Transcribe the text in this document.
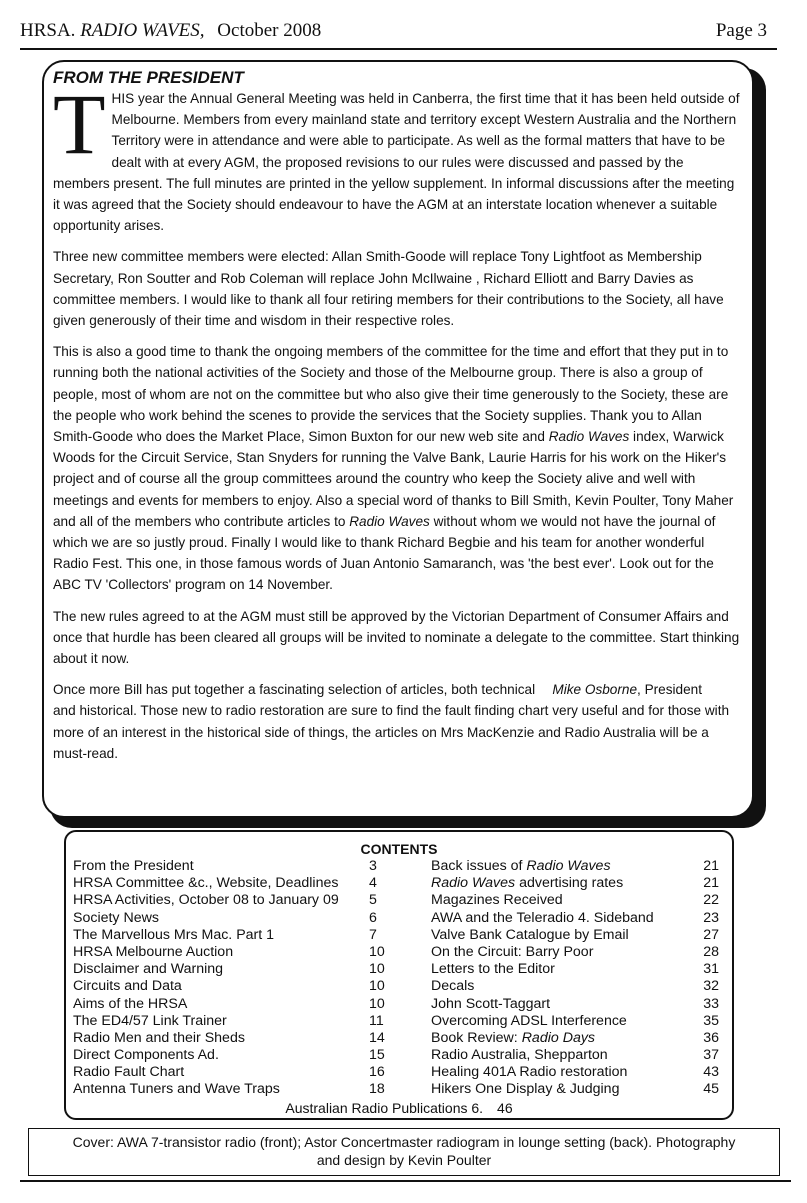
HRSA. RADIO WAVES, October 2008	Page 3
FROM THE PRESIDENT

T HIS year the Annual General Meeting was held in Canberra, the first time that it has been held outside of Melbourne. Members from every mainland state and territory except Western Australia and the Northern Territory were in attendance and were able to participate. As well as the formal matters that have to be dealt with at every AGM, the proposed revisions to our rules were discussed and passed by the members present. The full minutes are printed in the yellow supplement. In informal discussions after the meeting it was agreed that the Society should endeavour to have the AGM at an interstate location whenever a suitable opportunity arises.

Three new committee members were elected: Allan Smith-Goode will replace Tony Lightfoot as Membership Secretary, Ron Soutter and Rob Coleman will replace John McIlwaine , Richard Elliott and Barry Davies as committee members. I would like to thank all four retiring members for their contributions to the Society, all have given generously of their time and wisdom in their respective roles.

This is also a good time to thank the ongoing members of the committee for the time and effort that they put in to running both the national activities of the Society and those of the Melbourne group. There is also a group of people, most of whom are not on the committee but who also give their time generously to the Society, these are the people who work behind the scenes to provide the services that the Society supplies. Thank you to Allan Smith-Goode who does the Market Place, Simon Buxton for our new web site and Radio Waves index, Warwick Woods for the Circuit Service, Stan Snyders for running the Valve Bank, Laurie Harris for his work on the Hiker's project and of course all the group committees around the country who keep the Society alive and well with meetings and events for members to enjoy. Also a special word of thanks to Bill Smith, Kevin Poulter, Tony Maher and all of the members who contribute articles to Radio Waves without whom we would not have the journal of which we are so justly proud. Finally I would like to thank Richard Begbie and his team for another wonderful Radio Fest. This one, in those famous words of Juan Antonio Samaranch, was 'the best ever'. Look out for the ABC TV 'Collectors' program on 14 November.

The new rules agreed to at the AGM must still be approved by the Victorian Department of Consumer Affairs and once that hurdle has been cleared all groups will be invited to nominate a delegate to the committee. Start thinking about it now.

Mike Osborne, President
Once more Bill has put together a fascinating selection of articles, both technical and historical. Those new to radio restoration are sure to find the fault finding chart very useful and for those with more of an interest in the historical side of things, the articles on Mrs MacKenzie and Radio Australia will be a must-read.

CONTENTS
From the President	3
HRSA Committee &c., Website, Deadlines 4
HRSA Activities, October 08 to January 09 5
Society News	6
The Marvellous Mrs Mac. Part 1	7
HRSA Melbourne Auction	10
Disclaimer and Warning	10
Circuits and Data	10
Aims of the HRSA	10
The ED4/57 Link Trainer	11
Radio Men and their Sheds	14
Direct Components Ad.	15
Radio Fault Chart	16
Antenna Tuners and Wave Traps	18
Back issues of Radio Waves	21
Radio Waves advertising rates	21
Magazines Received	22
AWA and the Teleradio 4. Sideband	23
Valve Bank Catalogue by Email	27
On the Circuit: Barry Poor	28
Letters to the Editor	31
Decals	32
John Scott-Taggart	33
Overcoming ADSL Interference	35
Book Review: Radio Days	36
Radio Australia, Shepparton	37
Healing 401A Radio restoration	43
Hikers One Display & Judging	45
Australian Radio Publications 6. 46
Cover: AWA 7-transistor radio (front); Astor Concertmaster radiogram in lounge setting (back). Photography
and design by Kevin Poulter
